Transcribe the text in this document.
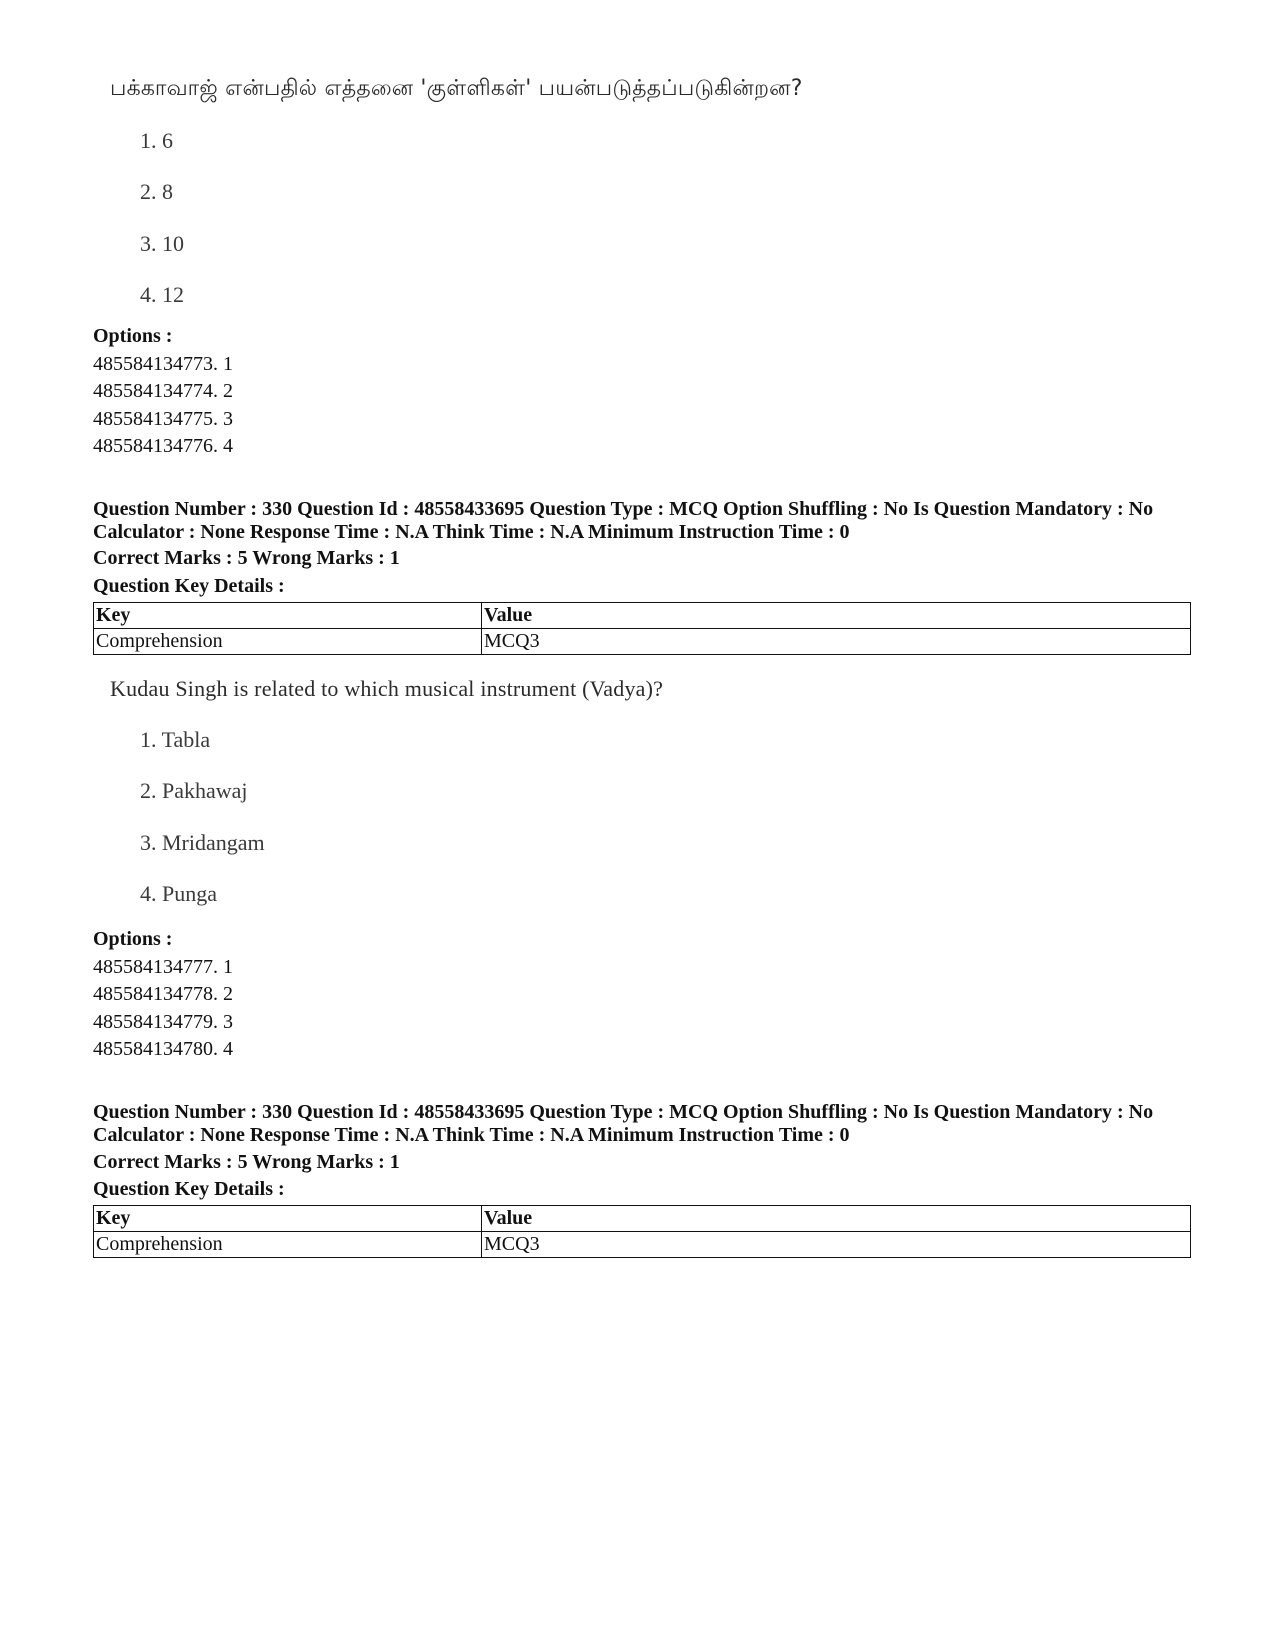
பக்காவாஜ் என்பதில் எத்தனை 'குள்ளிகள்' பயன்படுத்தப்படுகின்றன?
1. 6
2. 8
3. 10
4. 12
Options :
485584134773. 1
485584134774. 2
485584134775. 3
485584134776. 4
Question Number : 330 Question Id : 48558433695 Question Type : MCQ Option Shuffling : No Is Question Mandatory : No Calculator : None Response Time : N.A Think Time : N.A Minimum Instruction Time : 0
Correct Marks : 5 Wrong Marks : 1
Question Key Details :
Key	Value
Comprehension	MCQ3
Kudau Singh is related to which musical instrument (Vadya)?
1. Tabla
2. Pakhawaj
3. Mridangam
4. Punga
Options :
485584134777. 1
485584134778. 2
485584134779. 3
485584134780. 4
Question Number : 330 Question Id : 48558433695 Question Type : MCQ Option Shuffling : No Is Question Mandatory : No Calculator : None Response Time : N.A Think Time : N.A Minimum Instruction Time : 0
Correct Marks : 5 Wrong Marks : 1
Question Key Details :
Key	Value
Comprehension	MCQ3
